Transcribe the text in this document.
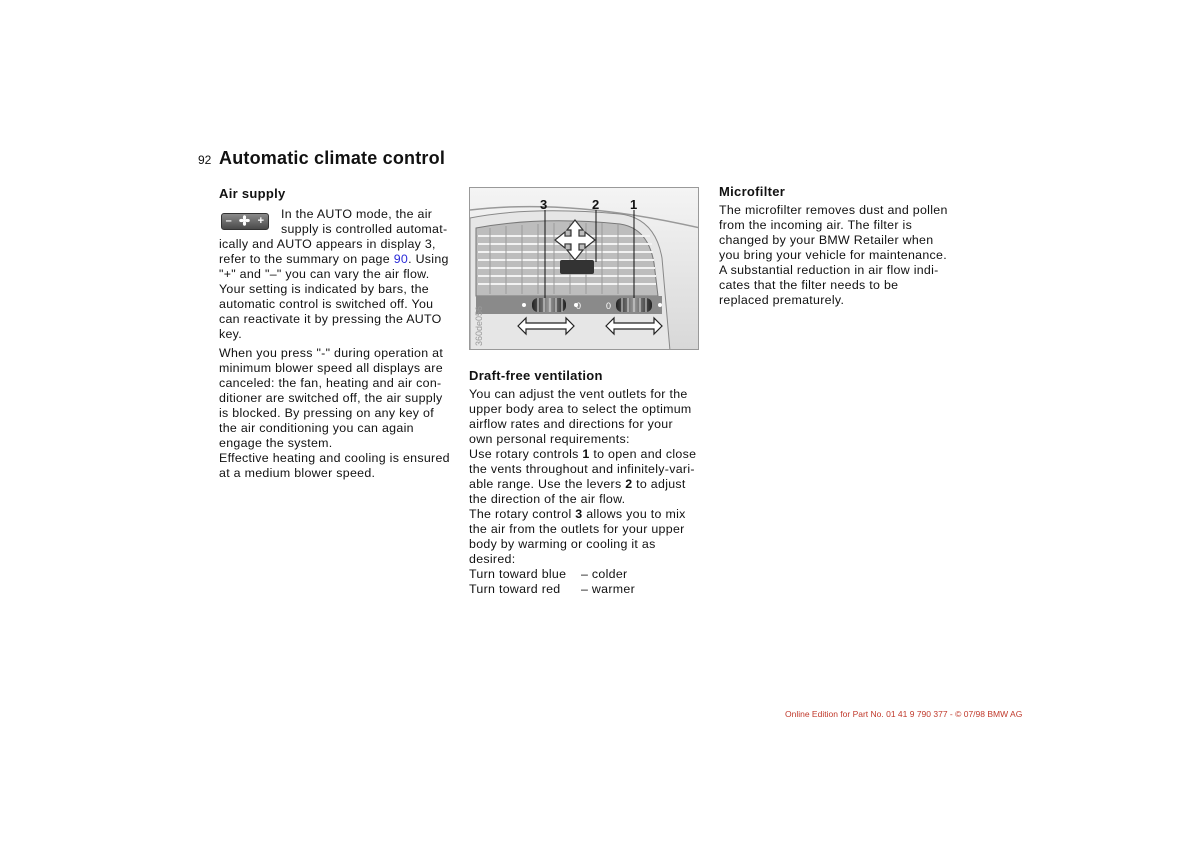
92 Automatic climate control
Air supply
– +	In the AUTO mode, the air

supply is controlled automat-

ically and AUTO appears in display 3,

refer to the summary on page 90. Using

"+" and "–" you can vary the air flow.

Your setting is indicated by bars, the

automatic control is switched off. You

can reactivate it by pressing the AUTO

key.

When you press "-" during operation at

minimum blower speed all displays are

canceled: the fan, heating and air con-

ditioner are switched off, the air supply

is blocked. By pressing on any key of

the air conditioning you can again

engage the system.

Effective heating and cooling is ensured

at a medium blower speed.

0
0
3	2 1
360de056
Draft-free ventilation

You can adjust the vent outlets for the

upper body area to select the optimum

airflow rates and directions for your

own personal requirements:

Use rotary controls 1 to open and close

the vents throughout and infinitely-vari-

able range. Use the levers 2 to adjust

the direction of the air flow.

The rotary control 3 allows you to mix

the air from the outlets for your upper

body by warming or cooling it as

desired:

Turn toward blue	– colder
Turn toward red	– warmer
Microfilter

The microfilter removes dust and pollen

from the incoming air. The filter is

changed by your BMW Retailer when

you bring your vehicle for maintenance.

A substantial reduction in air flow indi-

cates that the filter needs to be

replaced prematurely.

Online Edition for Part No. 01 41 9 790 377 - © 07/98 BMW AG
